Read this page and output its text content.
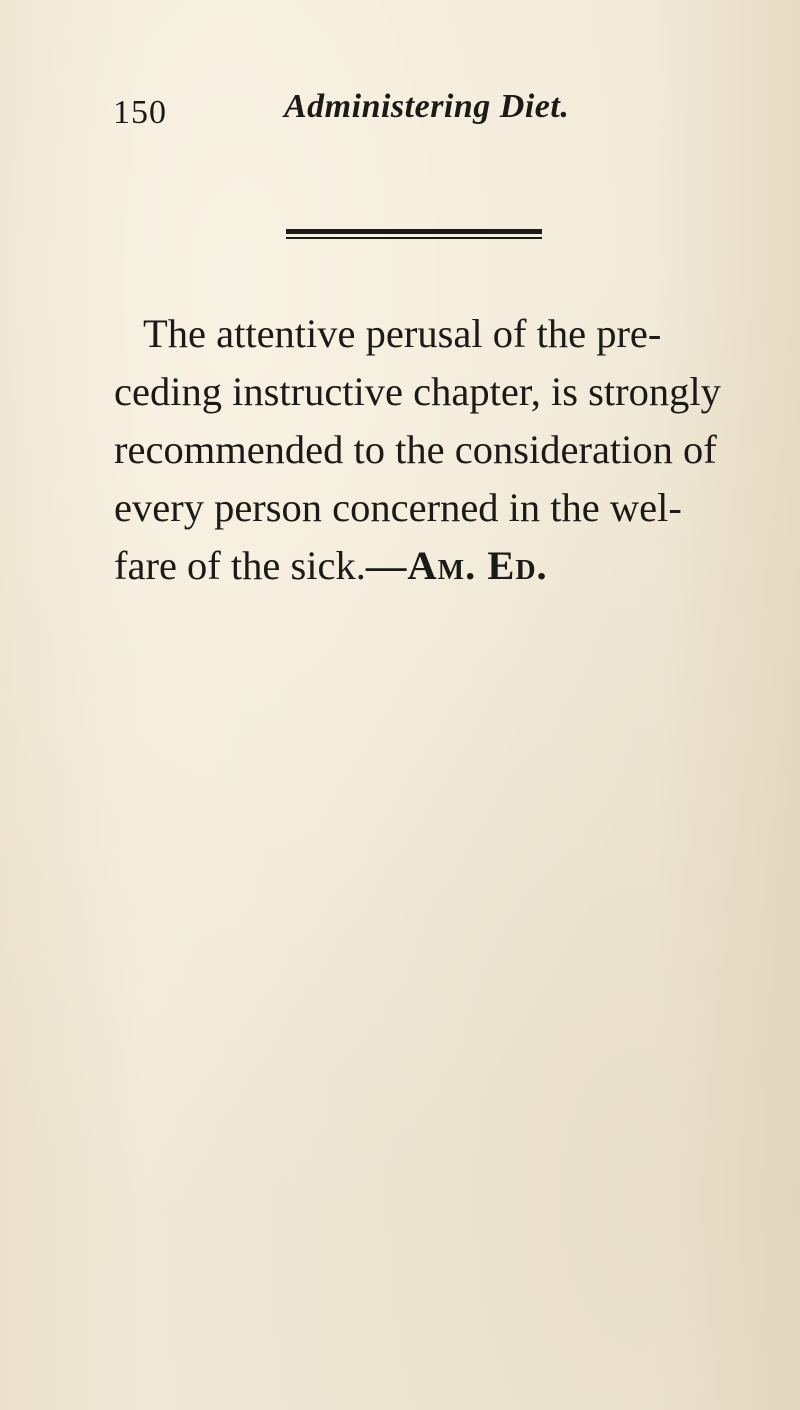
150	Administering Diet.
The attentive perusal of the pre-
ceding instructive chapter, is strongly
recommended to the consideration of
every person concerned in the wel-
fare of the sick.—Am. Ed.
